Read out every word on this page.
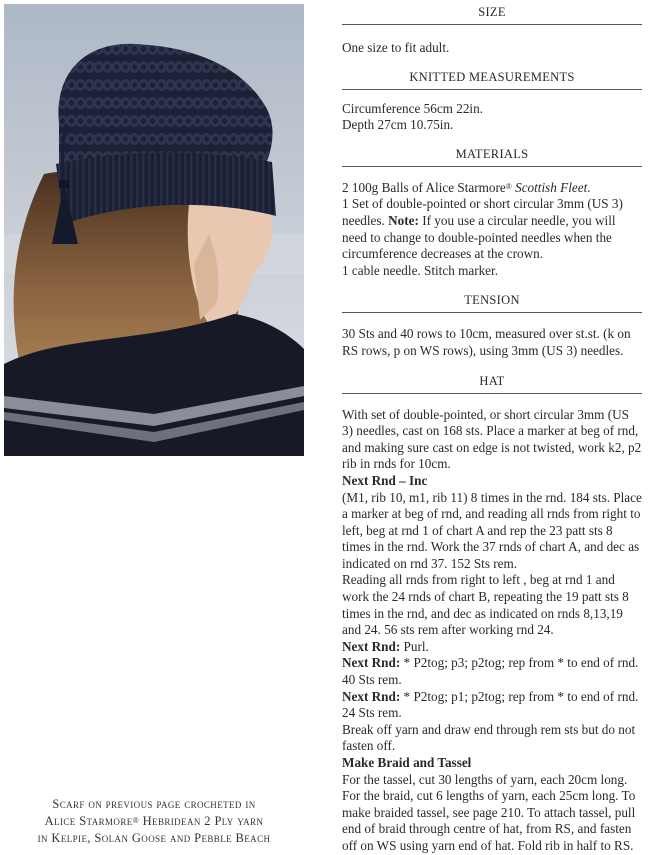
Scarf on previous page crocheted in
Alice Starmore® Hebridean 2 Ply yarn
in Kelpie, Solan Goose and Pebble Beach
SIZE
One size to fit adult.
KNITTED MEASUREMENTS

Circumference 56cm 22in.

Depth 27cm 10.75in.

MATERIALS

2 100g Balls of Alice Starmore® Scottish Fleet.

1 Set of double-pointed or short circular 3mm (US 3) needles. Note: If you use a circular needle, you will need to change to double-pointed needles when the circumference decreases at the crown.

1 cable needle. Stitch marker.

TENSION
30 Sts and 40 rows to 10cm, measured over st.st. (k on RS rows, p on WS rows), using 3mm (US 3) needles.
HAT

With set of double-pointed, or short circular 3mm (US 3) needles, cast on 168 sts. Place a marker at beg of rnd, and making sure cast on edge is not twisted, work k2, p2 rib in rnds for 10cm.

Next Rnd – Inc

(M1, rib 10, m1, rib 11) 8 times in the rnd. 184 sts. Place a marker at beg of rnd, and reading all rnds from right to left, beg at rnd 1 of chart A and rep the 23 patt sts 8 times in the rnd. Work the 37 rnds of chart A, and dec as indicated on rnd 37. 152 Sts rem.

Reading all rnds from right to left , beg at rnd 1 and work the 24 rnds of chart B, repeating the 19 patt sts 8 times in the rnd, and dec as indicated on rnds 8,13,19 and 24. 56 sts rem after working rnd 24.

Next Rnd: Purl.

Next Rnd: * P2tog; p3; p2tog; rep from * to end of rnd. 40 Sts rem.

Next Rnd: * P2tog; p1; p2tog; rep from * to end of rnd. 24 Sts rem.

Break off yarn and draw end through rem sts but do not fasten off.

Make Braid and Tassel

For the tassel, cut 30 lengths of yarn, each 20cm long. For the braid, cut 6 lengths of yarn, each 25cm long. To make braided tassel, see page 210. To attach tassel, pull end of braid through centre of hat, from RS, and fasten off on WS using yarn end of hat. Fold rib in half to RS.
